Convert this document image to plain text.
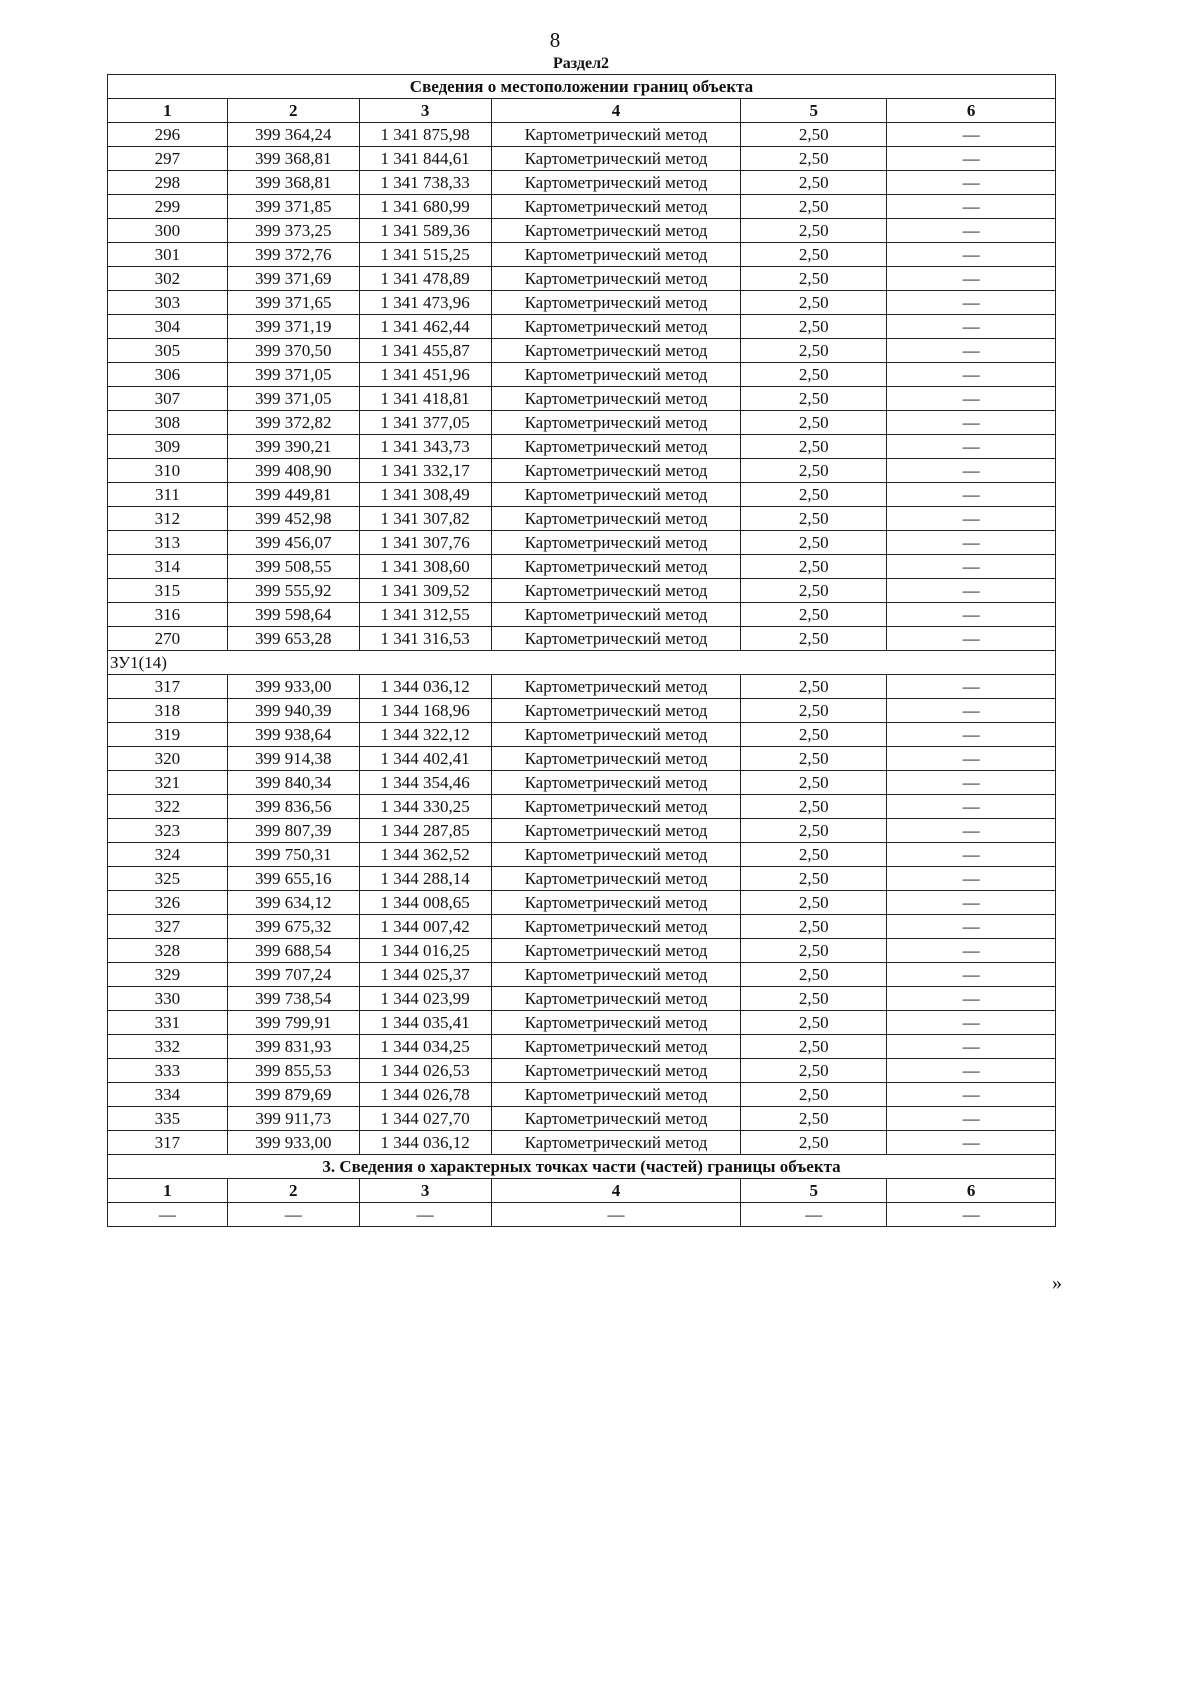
8
Раздел2
Сведения о местоположении границ объекта					
1	2	3	4	5	6
296	399 364,24	1 341 875,98	Картометрический метод	2,50	—
297	399 368,81	1 341 844,61	Картометрический метод	2,50	—
298	399 368,81	1 341 738,33	Картометрический метод	2,50	—
299	399 371,85	1 341 680,99	Картометрический метод	2,50	—
300	399 373,25	1 341 589,36	Картометрический метод	2,50	—
301	399 372,76	1 341 515,25	Картометрический метод	2,50	—
302	399 371,69	1 341 478,89	Картометрический метод	2,50	—
303	399 371,65	1 341 473,96	Картометрический метод	2,50	—
304	399 371,19	1 341 462,44	Картометрический метод	2,50	—
305	399 370,50	1 341 455,87	Картометрический метод	2,50	—
306	399 371,05	1 341 451,96	Картометрический метод	2,50	—
307	399 371,05	1 341 418,81	Картометрический метод	2,50	—
308	399 372,82	1 341 377,05	Картометрический метод	2,50	—
309	399 390,21	1 341 343,73	Картометрический метод	2,50	—
310	399 408,90	1 341 332,17	Картометрический метод	2,50	—
311	399 449,81	1 341 308,49	Картометрический метод	2,50	—
312	399 452,98	1 341 307,82	Картометрический метод	2,50	—
313	399 456,07	1 341 307,76	Картометрический метод	2,50	—
314	399 508,55	1 341 308,60	Картометрический метод	2,50	—
315	399 555,92	1 341 309,52	Картометрический метод	2,50	—
316	399 598,64	1 341 312,55	Картометрический метод	2,50	—
270	399 653,28	1 341 316,53	Картометрический метод	2,50	—
ЗУ1(14)					
317	399 933,00	1 344 036,12	Картометрический метод	2,50	—
318	399 940,39	1 344 168,96	Картометрический метод	2,50	—
319	399 938,64	1 344 322,12	Картометрический метод	2,50	—
320	399 914,38	1 344 402,41	Картометрический метод	2,50	—
321	399 840,34	1 344 354,46	Картометрический метод	2,50	—
322	399 836,56	1 344 330,25	Картометрический метод	2,50	—
323	399 807,39	1 344 287,85	Картометрический метод	2,50	—
324	399 750,31	1 344 362,52	Картометрический метод	2,50	—
325	399 655,16	1 344 288,14	Картометрический метод	2,50	—
326	399 634,12	1 344 008,65	Картометрический метод	2,50	—
327	399 675,32	1 344 007,42	Картометрический метод	2,50	—
328	399 688,54	1 344 016,25	Картометрический метод	2,50	—
329	399 707,24	1 344 025,37	Картометрический метод	2,50	—
330	399 738,54	1 344 023,99	Картометрический метод	2,50	—
331	399 799,91	1 344 035,41	Картометрический метод	2,50	—
332	399 831,93	1 344 034,25	Картометрический метод	2,50	—
333	399 855,53	1 344 026,53	Картометрический метод	2,50	—
334	399 879,69	1 344 026,78	Картометрический метод	2,50	—
335	399 911,73	1 344 027,70	Картометрический метод	2,50	—
317	399 933,00	1 344 036,12	Картометрический метод	2,50	—
3. Сведения о характерных точках части (частей) границы объекта					
1	2	3	4	5	6
—	—	—	—	—	—
»
